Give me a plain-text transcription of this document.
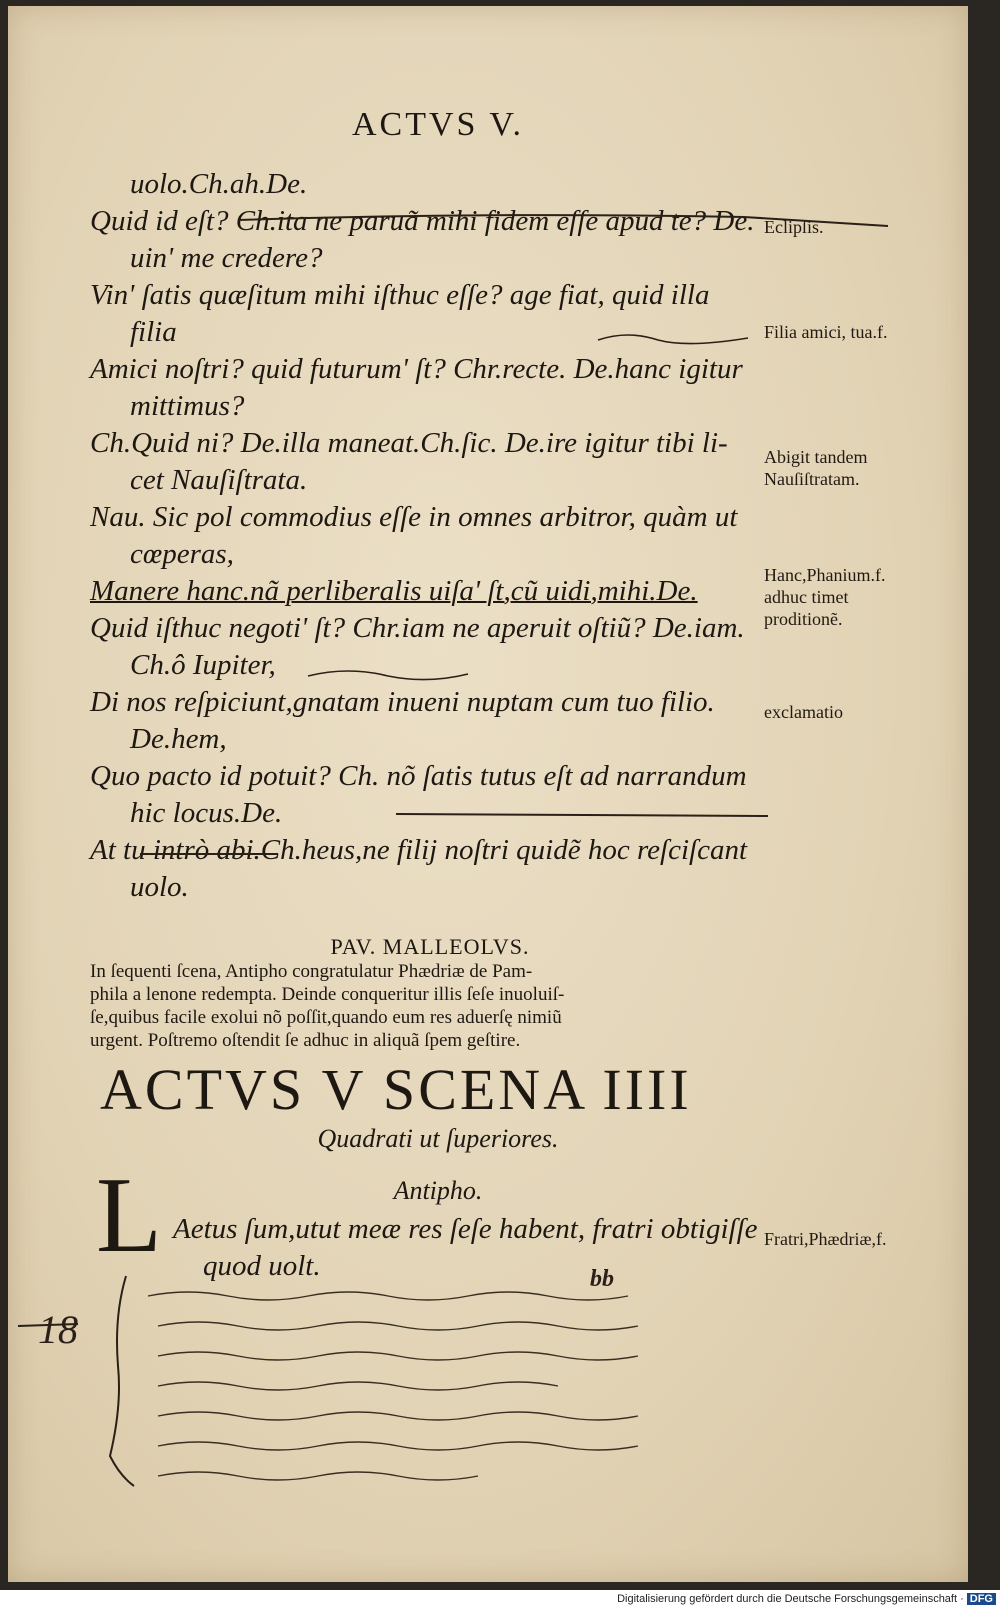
ACTVS V.
uolo.Ch.ah.De.
Quid id eſt? Ch.ita ne paruã mihi fidem eſſe apud te? De.
uin' me credere?
Vin' ſatis quæſitum mihi iſthuc eſſe? age fiat, quid illa
filia
Amici noſtri? quid futurum' ſt? Chr.recte. De.hanc igitur
mittimus?
Ch.Quid ni? De.illa maneat.Ch.ſic. De.ire igitur tibi li-
cet Nauſiſtrata.
Nau. Sic pol commodius eſſe in omnes arbitror, quàm ut
cœperas,
Manere hanc.nã perliberalis uiſa' ſt,cũ uidi,mihi.De.
Quid iſthuc negoti' ſt? Chr.iam ne aperuit oſtiũ? De.iam.
Ch.ô Iupiter,
Di nos reſpiciunt,gnatam inueni nuptam cum tuo filio.
De.hem,
Quo pacto id potuit? Ch. nõ ſatis tutus eſt ad narrandum
hic locus.De.
At tu intrò abi.Ch.heus,ne filij noſtri quidẽ hoc reſciſcant
uolo.
Eclipſis.
Filia amici, tua.f.
Abigit tandem Nauſiſtratam.
Hanc,Phanium.f. adhuc timet proditionẽ.
exclamatio
Fratri,Phædriæ,f.
PAV. MALLEOLVS.
In ſequenti ſcena, Antipho congratulatur Phædriæ de Pam-
phila a lenone redempta. Deinde conqueritur illis ſeſe inuoluiſ-
ſe,quibus facile exolui nõ poſſit,quando eum res aduerſę nimiũ
urgent. Poſtremo oſtendit ſe adhuc in aliquã ſpem geſtire.
ACTVS V SCENA IIII
Quadrati ut ſuperiores.
Antipho.
L Aetus ſum,utut meæ res ſeſe habent, fratri obtigiſſe
quod uolt.
18
bb
Digitalisierung gefördert durch die Deutsche Forschungsgemeinschaft · DFG
